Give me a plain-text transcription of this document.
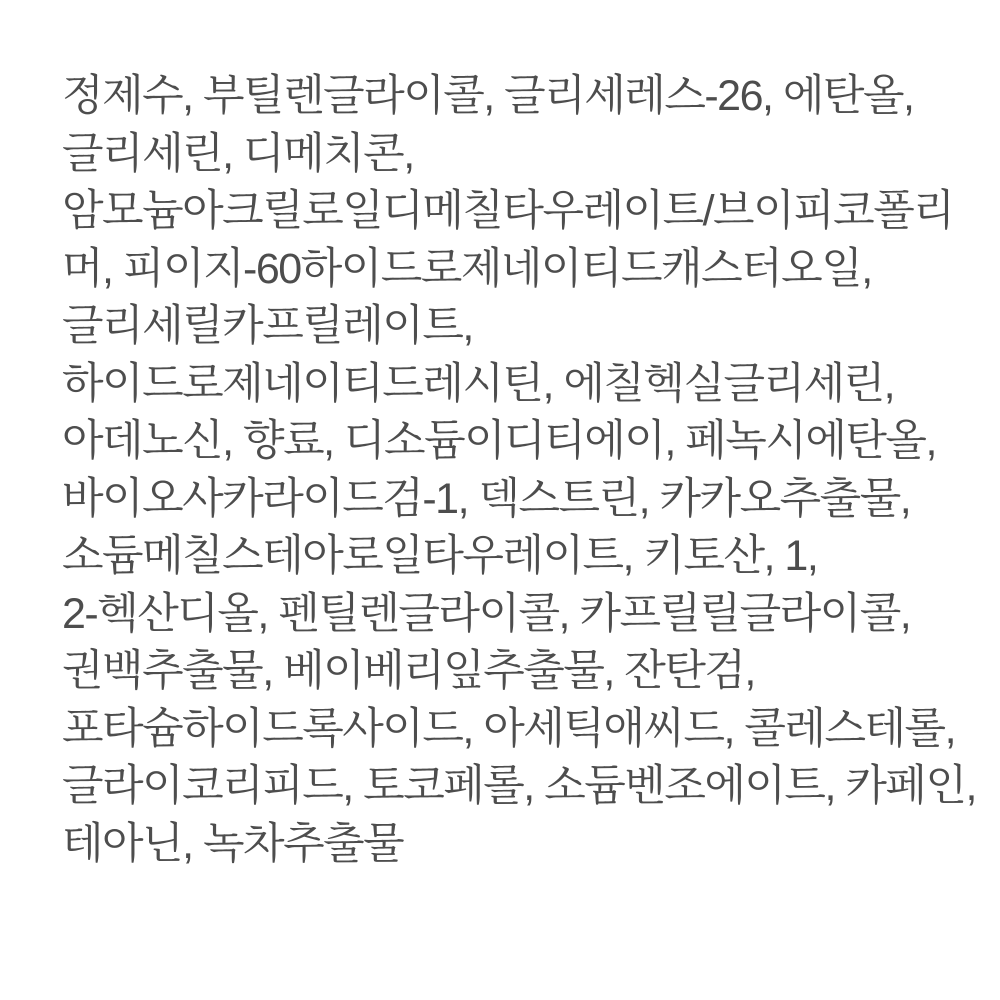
정제수, 부틸렌글라이콜, 글리세레스-26, 에탄올,
글리세린, 디메치콘,
암모늄아크릴로일디메칠타우레이트/브이피코폴리
머, 피이지-60하이드로제네이티드캐스터오일,
글리세릴카프릴레이트,
하이드로제네이티드레시틴, 에칠헥실글리세린,
아데노신, 향료, 디소듐이디티에이, 페녹시에탄올,
바이오사카라이드검-1, 덱스트린, 카카오추출물,
소듐메칠스테아로일타우레이트, 키토산, 1,
2-헥산디올, 펜틸렌글라이콜, 카프릴릴글라이콜,
권백추출물, 베이베리잎추출물, 잔탄검,
포타슘하이드록사이드, 아세틱애씨드, 콜레스테롤,
글라이코리피드, 토코페롤, 소듐벤조에이트, 카페인,
테아닌, 녹차추출물
